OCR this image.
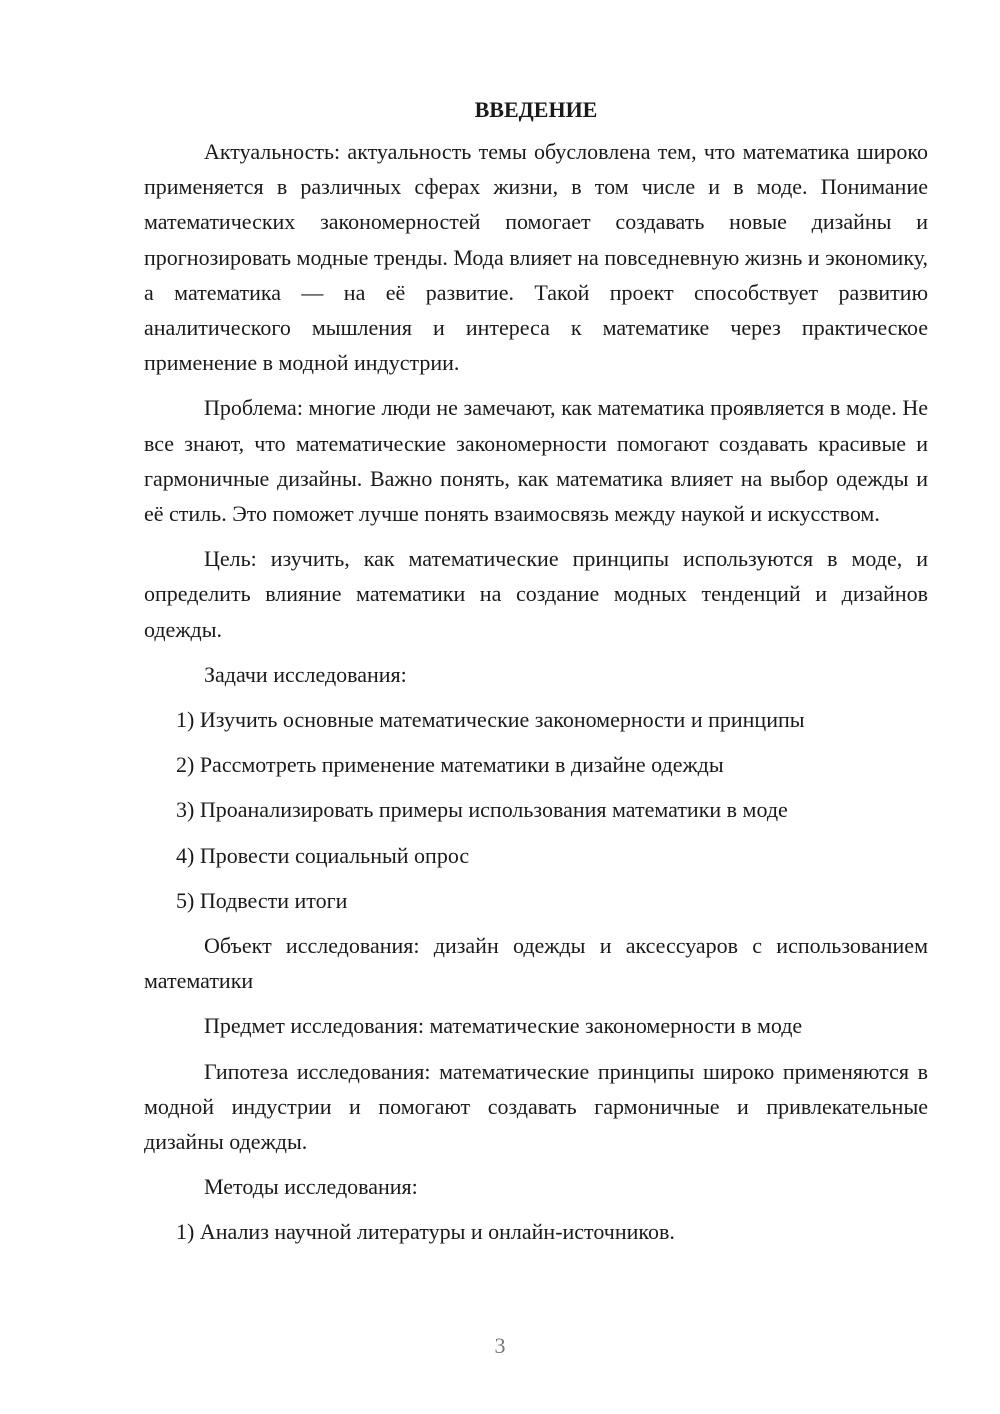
ВВЕДЕНИЕ
Актуальность: актуальность темы обусловлена тем, что математика широко применяется в различных сферах жизни, в том числе и в моде. Понимание математических закономерностей помогает создавать новые дизайны и прогнозировать модные тренды. Мода влияет на повседневную жизнь и экономику, а математика — на её развитие. Такой проект способствует развитию аналитического мышления и интереса к математике через практическое применение в модной индустрии.
Проблема: многие люди не замечают, как математика проявляется в моде. Не все знают, что математические закономерности помогают создавать красивые и гармоничные дизайны. Важно понять, как математика влияет на выбор одежды и её стиль. Это поможет лучше понять взаимосвязь между наукой и искусством.
Цель: изучить, как математические принципы используются в моде, и определить влияние математики на создание модных тенденций и дизайнов одежды.
Задачи исследования:
1) Изучить основные математические закономерности и принципы
2) Рассмотреть применение математики в дизайне одежды
3) Проанализировать примеры использования математики в моде
4) Провести социальный опрос
5) Подвести итоги
Объект исследования: дизайн одежды и аксессуаров с использованием математики
Предмет исследования: математические закономерности в моде
Гипотеза исследования: математические принципы широко применяются в модной индустрии и помогают создавать гармоничные и привлекательные дизайны одежды.
Методы исследования:
1) Анализ научной литературы и онлайн-источников.
3
